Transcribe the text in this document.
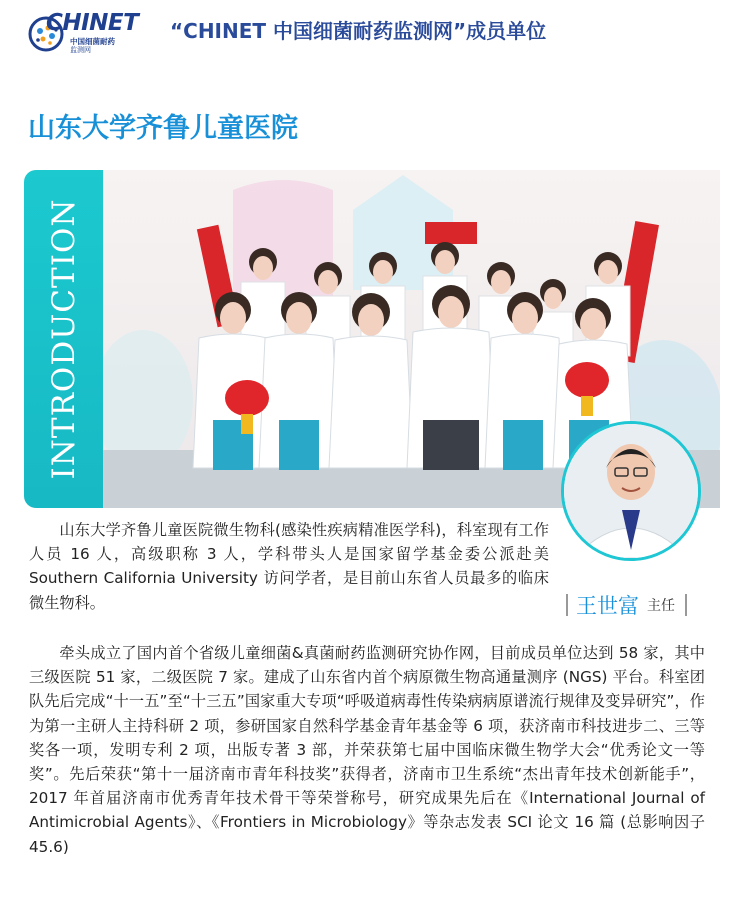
CHINET
中国细菌耐药
监测网
“CHINET 中国细菌耐药监测网”成员单位
山东大学齐鲁儿童医院
INTRODUCTION
王世富 主任

山东大学齐鲁儿童医院微生物科(感染性疾病精准医学科)，科室现有工作人员 16 人，高级职称 3 人，学科带头人是国家留学基金委公派赴美 Southern California University 访问学者，是目前山东省人员最多的临床微生物科。

牵头成立了国内首个省级儿童细菌&真菌耐药监测研究协作网，目前成员单位达到 58 家，其中三级医院 51 家，二级医院 7 家。建成了山东省内首个病原微生物高通量测序 (NGS) 平台。科室团队先后完成“十一五”至“十三五”国家重大专项“呼吸道病毒性传染病病原谱流行规律及变异研究”，作为第一主研人主持科研 2 项，参研国家自然科学基金青年基金等 6 项，获济南市科技进步二、三等奖各一项，发明专利 2 项，出版专著 3 部，并荣获第七届中国临床微生物学大会“优秀论文一等奖”。先后荣获“第十一届济南市青年科技奖”获得者，济南市卫生系统“杰出青年技术创新能手”，2017 年首届济南市优秀青年技术骨干等荣誉称号，研究成果先后在《International Journal of Antimicrobial Agents》、《Frontiers in Microbiology》等杂志发表 SCI 论文 16 篇 (总影响因子 45.6)
